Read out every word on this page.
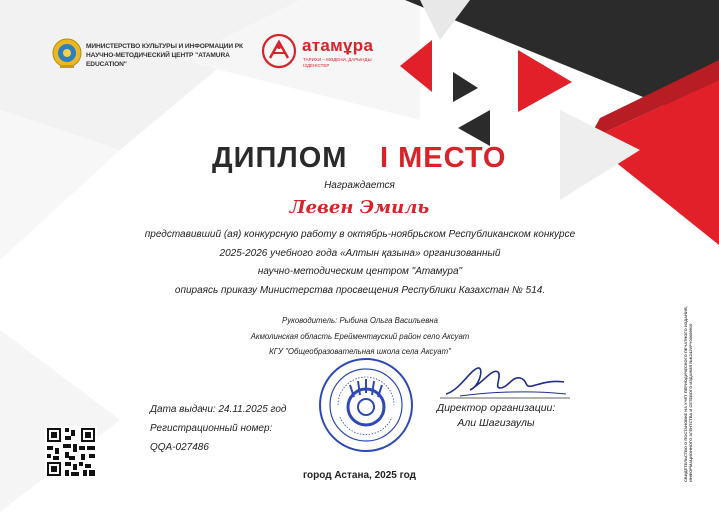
МИНИСТЕРСТВО КУЛЬТУРЫ И ИНФОРМАЦИИ РК
НАУЧНО-МЕТОДИЧЕСКИЙ ЦЕНТР "ATAMURA EDUCATION"
атамұра
ТАРИХИ – МӘДЕНИ, ДАРЫНДЫ ІЗДЕНІСТЕР
ДИПЛОМ I МЕСТО
Награждается
Левен Эмиль
представивший (ая) конкурсную работу в октябрь-ноябрьском Республиканском конкурсе
2025-2026 учебного года «Алтын қазына» организованный
научно-методическим центром "Атамура"
опираясь приказу Министерства просвещения Республики Казахстан № 514.
Руководитель: Рыбина Ольга Васильевна
Акмолинская область Ерейментауский район село Аксуат
КГУ "Общеобразовательная школа села Аксуат"
Дата выдачи: 24.11.2025 год
Регистрационный номер:
QQA-027486
Директор организации:
Али Шагизаулы
город Астана, 2025 год	СВИДЕТЕЛЬСТВО О ПОСТАНОВКЕ НА УЧЕТ ПЕРИОДИЧЕСКОГО ПЕЧАТНОГО ИЗДАНИЯ, ИНФОРМАЦИОННОГО АГЕНТСТВА И СЕТЕВОГО ИЗДАНИЯ №KZ42VPY00089910
